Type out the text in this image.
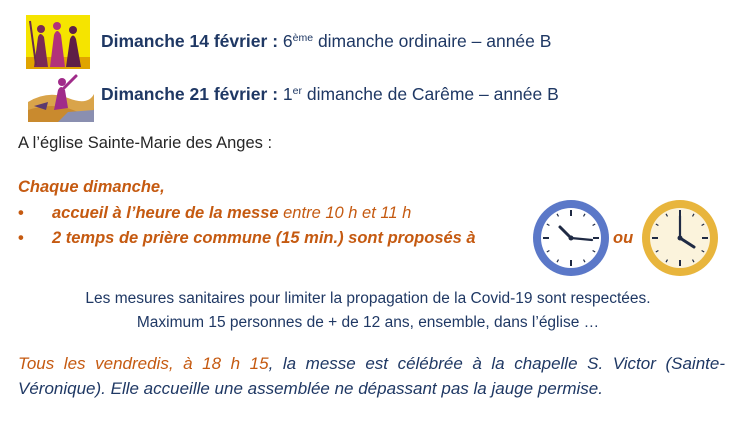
Dimanche 14 février : 6ème dimanche ordinaire – année B
Dimanche 21 février : 1er dimanche de Carême – année B
A l’église Sainte-Marie des Anges :
Chaque dimanche,
• accueil à l’heure de la messe entre 10 h et 11 h
• 2 temps de prière commune (15 min.) sont proposés à	ou
Les mesures sanitaires pour limiter la propagation de la Covid-19 sont respectées.
Maximum 15 personnes de + de 12 ans, ensemble, dans l’église …
Tous les vendredis, à 18 h 15, la messe est célébrée à la chapelle S. Victor (Sainte-Véronique). Elle accueille une assemblée ne dépassant pas la jauge permise.
